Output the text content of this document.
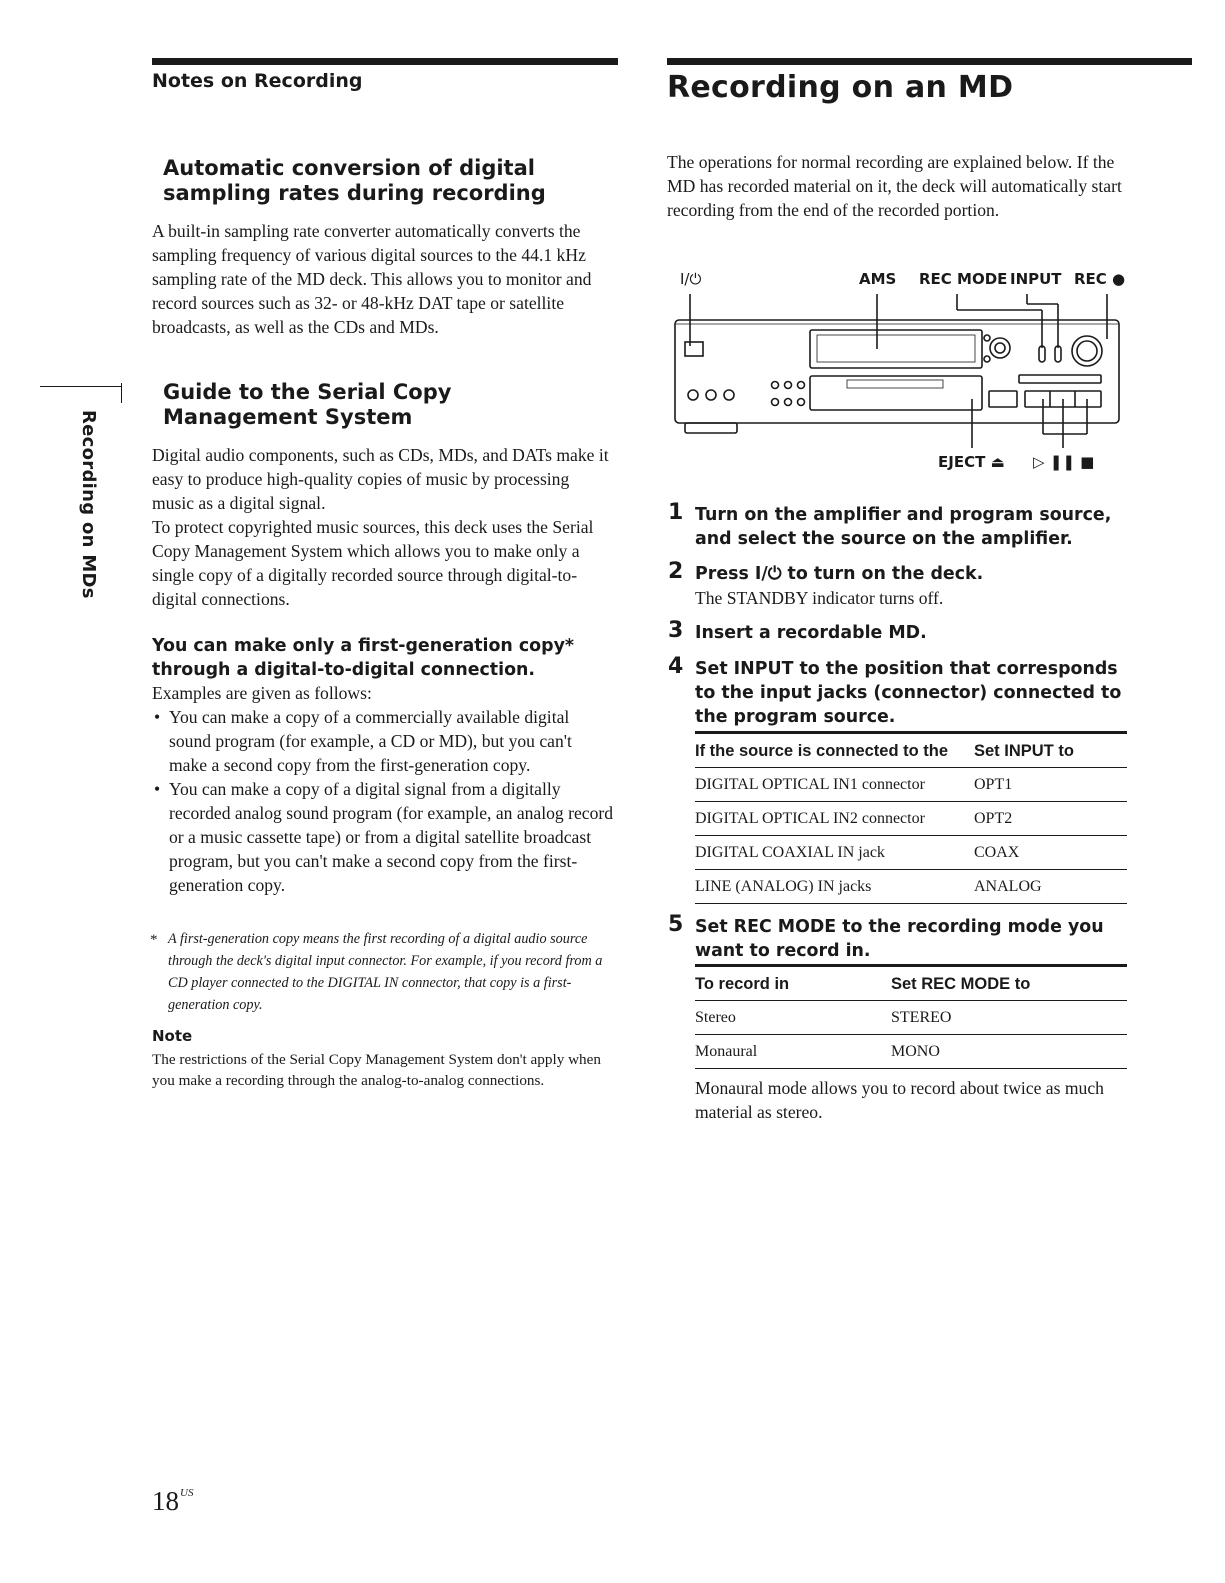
Notes on Recording
Automatic conversion of digital sampling rates during recording
A built-in sampling rate converter automatically converts the sampling frequency of various digital sources to the 44.1 kHz sampling rate of the MD deck. This allows you to monitor and record sources such as 32- or 48-kHz DAT tape or satellite broadcasts, as well as the CDs and MDs.
Guide to the Serial Copy Management System
Digital audio components, such as CDs, MDs, and DATs make it easy to produce high-quality copies of music by processing music as a digital signal.
To protect copyrighted music sources, this deck uses the Serial Copy Management System which allows you to make only a single copy of a digitally recorded source through digital-to-digital connections.
You can make only a first-generation copy* through a digital-to-digital connection.
Examples are given as follows:
• You can make a copy of a commercially available digital sound program (for example, a CD or MD), but you can't make a second copy from the first-generation copy.
• You can make a copy of a digital signal from a digitally recorded analog sound program (for example, an analog record or a music cassette tape) or from a digital satellite broadcast program, but you can't make a second copy from the first-generation copy.
* A first-generation copy means the first recording of a digital audio source through the deck's digital input connector. For example, if you record from a CD player connected to the DIGITAL IN connector, that copy is a first-generation copy.
Note
The restrictions of the Serial Copy Management System don't apply when you make a recording through the analog-to-analog connections.
Recording on MDs
$18^{US}$
Recording on an MD
The operations for normal recording are explained below. If the MD has recorded material on it, the deck will automatically start recording from the end of the recorded portion.
I/⏻	AMS REC MODE INPUT REC ●
EJECT ⏏ ▷ ❚❚ ■
1 Turn on the amplifier and program source, and select the source on the amplifier.
2 Press I/⏻ to turn on the deck.
The STANDBY indicator turns off.
3 Insert a recordable MD.
4 Set INPUT to the position that corresponds to the input jacks (connector) connected to the program source.
If the source is connected to the	Set INPUT to
DIGITAL OPTICAL IN1 connector	OPT1
DIGITAL OPTICAL IN2 connector	OPT2
DIGITAL COAXIAL IN jack	COAX
LINE (ANALOG) IN jacks	ANALOG
5 Set REC MODE to the recording mode you want to record in.
To record in	Set REC MODE to
Stereo	STEREO
Monaural	MONO
Monaural mode allows you to record about twice as much material as stereo.
